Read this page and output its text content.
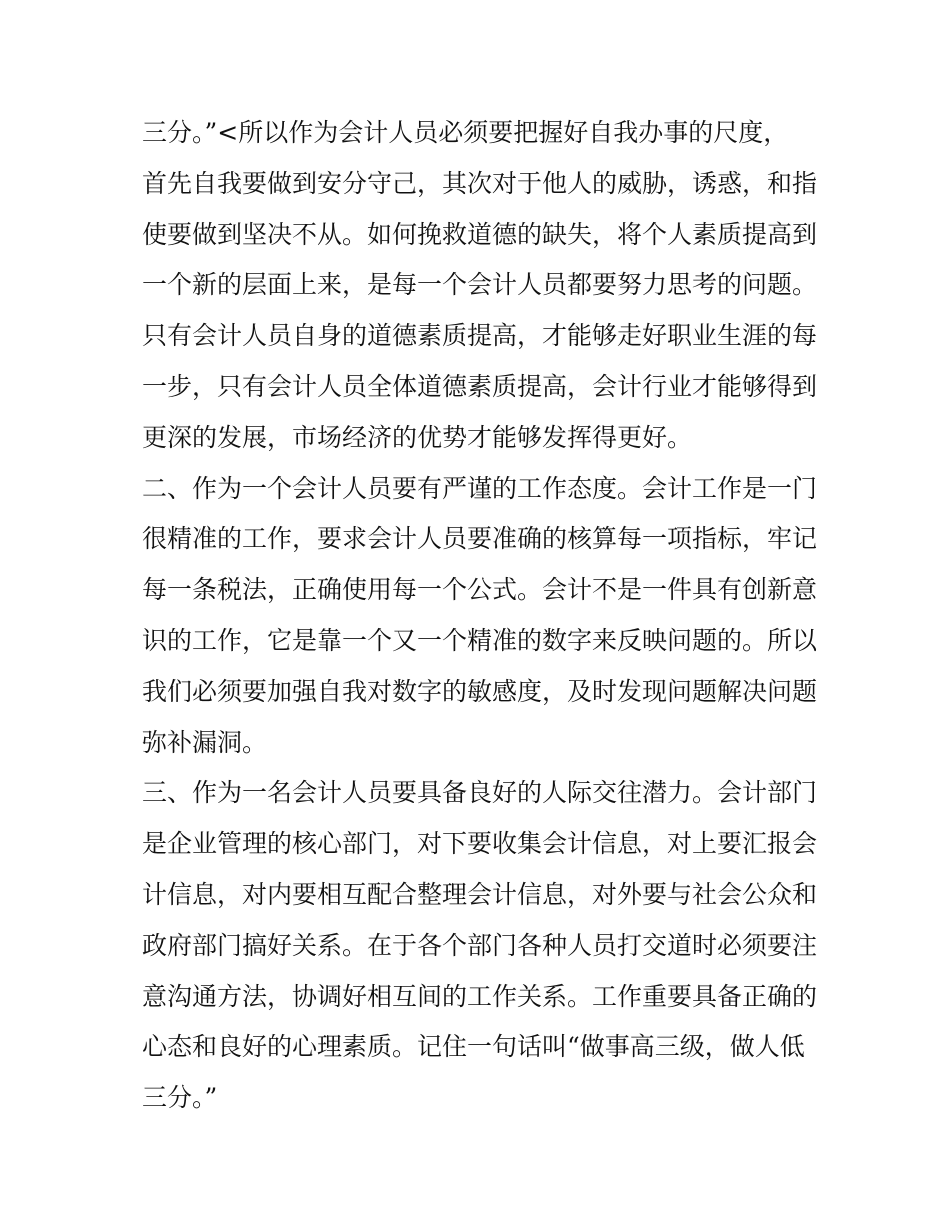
三分。”<所以作为会计人员必须要把握好自我办事的尺度，
首先自我要做到安分守己，其次对于他人的威胁，诱惑，和指
使要做到坚决不从。如何挽救道德的缺失，将个人素质提高到
一个新的层面上来，是每一个会计人员都要努力思考的问题。
只有会计人员自身的道德素质提高，才能够走好职业生涯的每
一步，只有会计人员全体道德素质提高，会计行业才能够得到
更深的发展，市场经济的优势才能够发挥得更好。
二、作为一个会计人员要有严谨的工作态度。会计工作是一门
很精准的工作，要求会计人员要准确的核算每一项指标，牢记
每一条税法，正确使用每一个公式。会计不是一件具有创新意
识的工作，它是靠一个又一个精准的数字来反映问题的。所以
我们必须要加强自我对数字的敏感度，及时发现问题解决问题
弥补漏洞。
三、作为一名会计人员要具备良好的人际交往潜力。会计部门
是企业管理的核心部门，对下要收集会计信息，对上要汇报会
计信息，对内要相互配合整理会计信息，对外要与社会公众和
政府部门搞好关系。在于各个部门各种人员打交道时必须要注
意沟通方法，协调好相互间的工作关系。工作重要具备正确的
心态和良好的心理素质。记住一句话叫“做事高三级，做人低
三分。”
